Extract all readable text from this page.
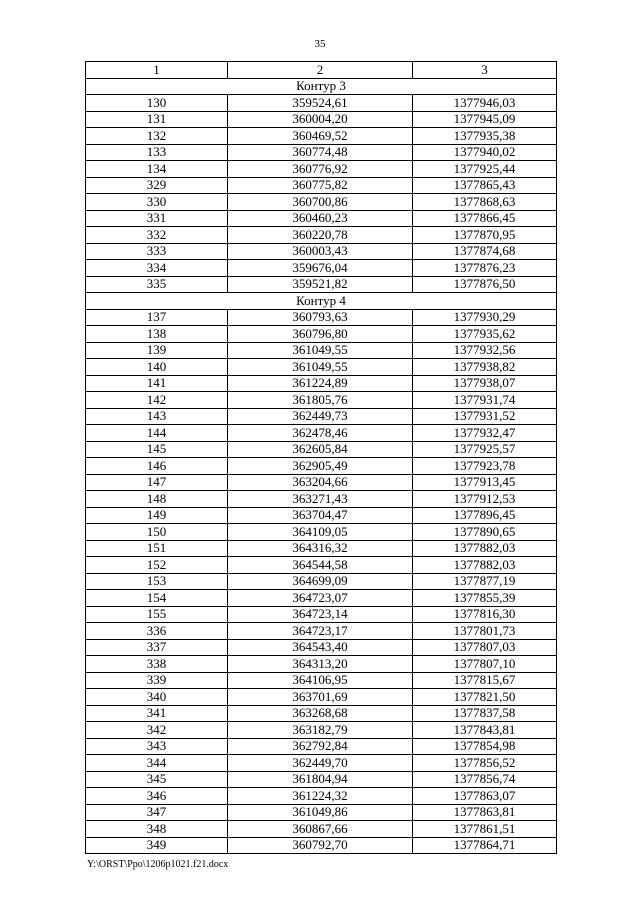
35
1	2	3
Контур 3		
130	359524,61	1377946,03
131	360004,20	1377945,09
132	360469,52	1377935,38
133	360774,48	1377940,02
134	360776,92	1377925,44
329	360775,82	1377865,43
330	360700,86	1377868,63
331	360460,23	1377866,45
332	360220,78	1377870,95
333	360003,43	1377874,68
334	359676,04	1377876,23
335	359521,82	1377876,50
Контур 4		
137	360793,63	1377930,29
138	360796,80	1377935,62
139	361049,55	1377932,56
140	361049,55	1377938,82
141	361224,89	1377938,07
142	361805,76	1377931,74
143	362449,73	1377931,52
144	362478,46	1377932,47
145	362605,84	1377925,57
146	362905,49	1377923,78
147	363204,66	1377913,45
148	363271,43	1377912,53
149	363704,47	1377896,45
150	364109,05	1377890,65
151	364316,32	1377882,03
152	364544,58	1377882,03
153	364699,09	1377877,19
154	364723,07	1377855,39
155	364723,14	1377816,30
336	364723,17	1377801,73
337	364543,40	1377807,03
338	364313,20	1377807,10
339	364106,95	1377815,67
340	363701,69	1377821,50
341	363268,68	1377837,58
342	363182,79	1377843,81
343	362792,84	1377854,98
344	362449,70	1377856,52
345	361804,94	1377856,74
346	361224,32	1377863,07
347	361049,86	1377863,81
348	360867,66	1377861,51
349	360792,70	1377864,71
Y:\ORST\Ppo\1206p1021.f21.docx
